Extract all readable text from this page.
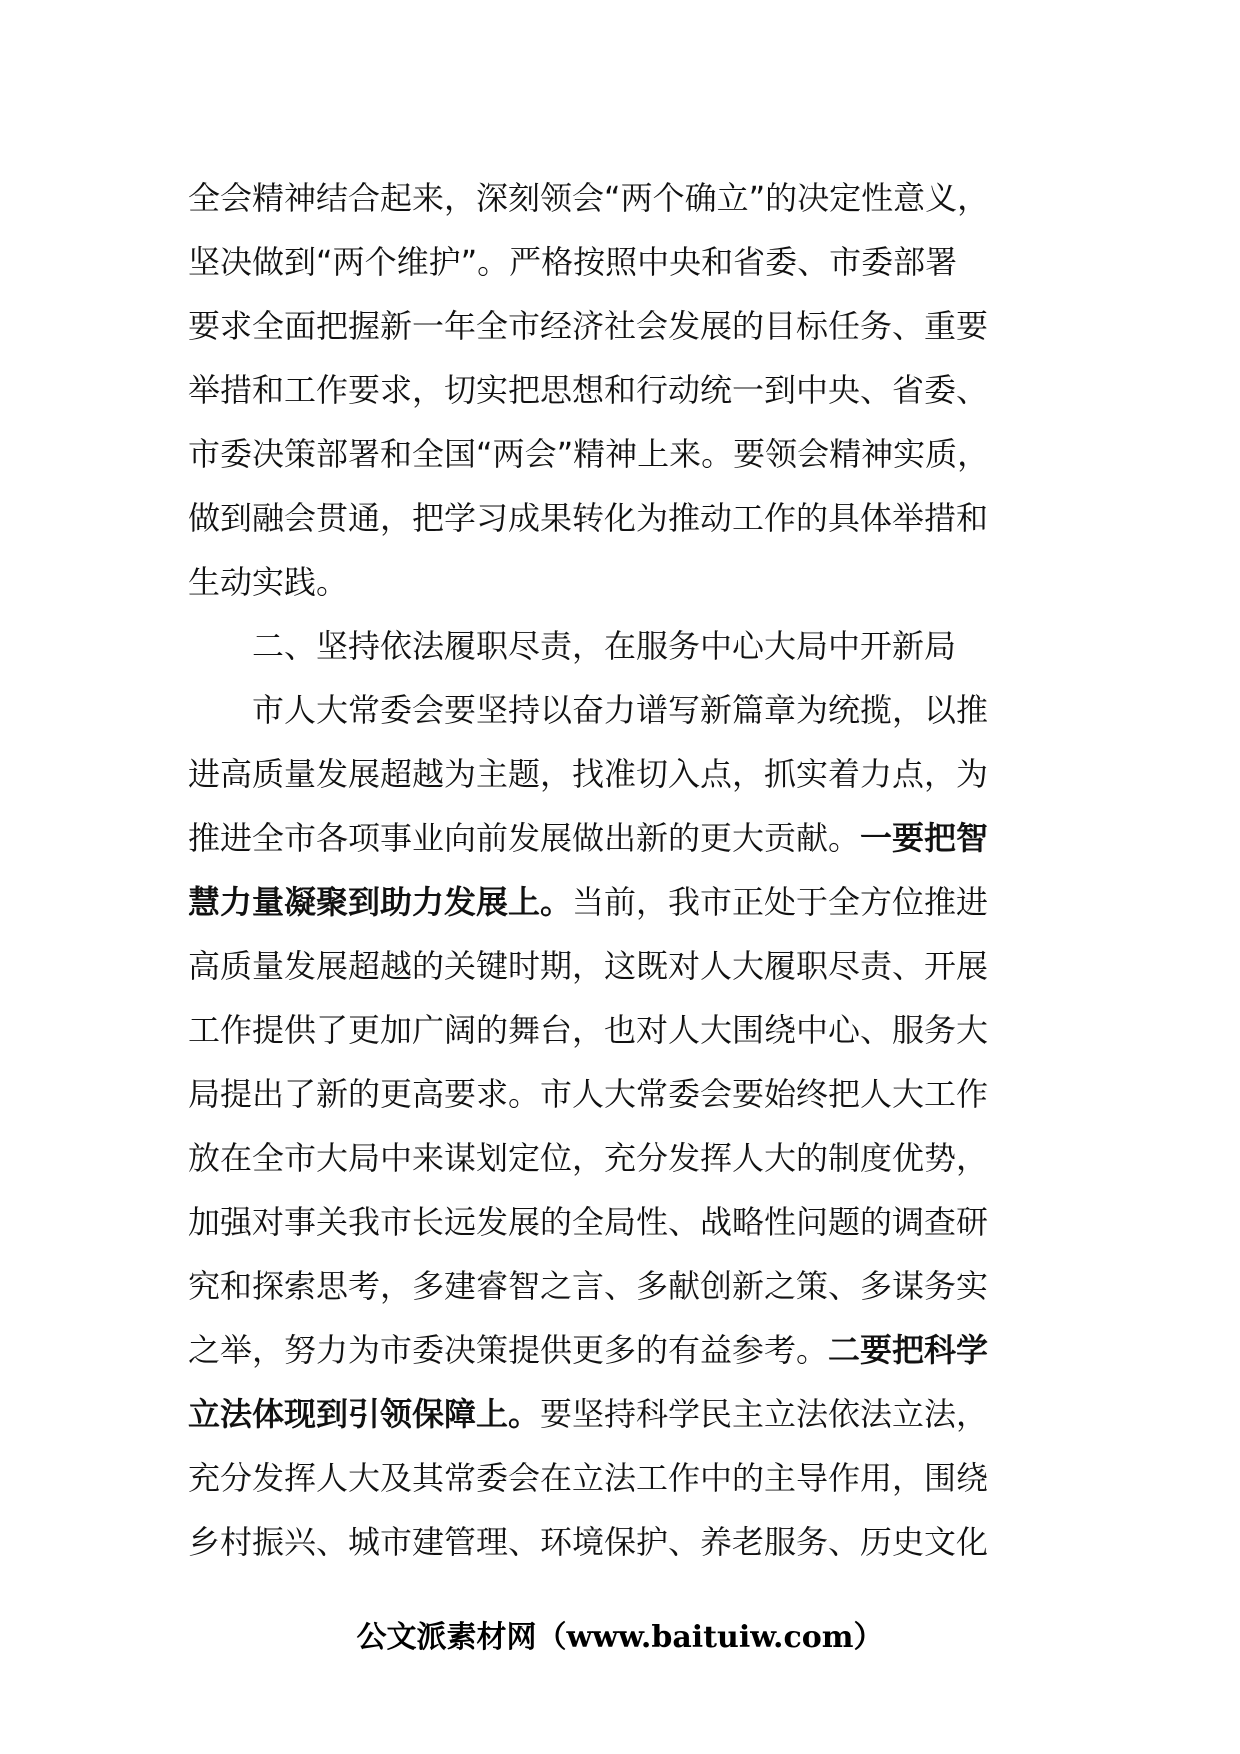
全会精神结合起来，深刻领会“两个确立”的决定性意义，
坚决做到“两个维护”。严格按照中央和省委、市委部署
要求全面把握新一年全市经济社会发展的目标任务、重要
举措和工作要求，切实把思想和行动统一到中央、省委、
市委决策部署和全国“两会”精神上来。要领会精神实质，
做到融会贯通，把学习成果转化为推动工作的具体举措和
生动实践。
二、坚持依法履职尽责，在服务中心大局中开新局
市人大常委会要坚持以奋力谱写新篇章为统揽，以推
进高质量发展超越为主题，找准切入点，抓实着力点，为
推进全市各项事业向前发展做出新的更大贡献。一要把智
慧力量凝聚到助力发展上。当前，我市正处于全方位推进
高质量发展超越的关键时期，这既对人大履职尽责、开展
工作提供了更加广阔的舞台，也对人大围绕中心、服务大
局提出了新的更高要求。市人大常委会要始终把人大工作
放在全市大局中来谋划定位，充分发挥人大的制度优势，
加强对事关我市长远发展的全局性、战略性问题的调查研
究和探索思考，多建睿智之言、多献创新之策、多谋务实
之举，努力为市委决策提供更多的有益参考。二要把科学
立法体现到引领保障上。要坚持科学民主立法依法立法，
充分发挥人大及其常委会在立法工作中的主导作用，围绕
乡村振兴、城市建管理、环境保护、养老服务、历史文化
公文派素材网（www.baituiw.com）
